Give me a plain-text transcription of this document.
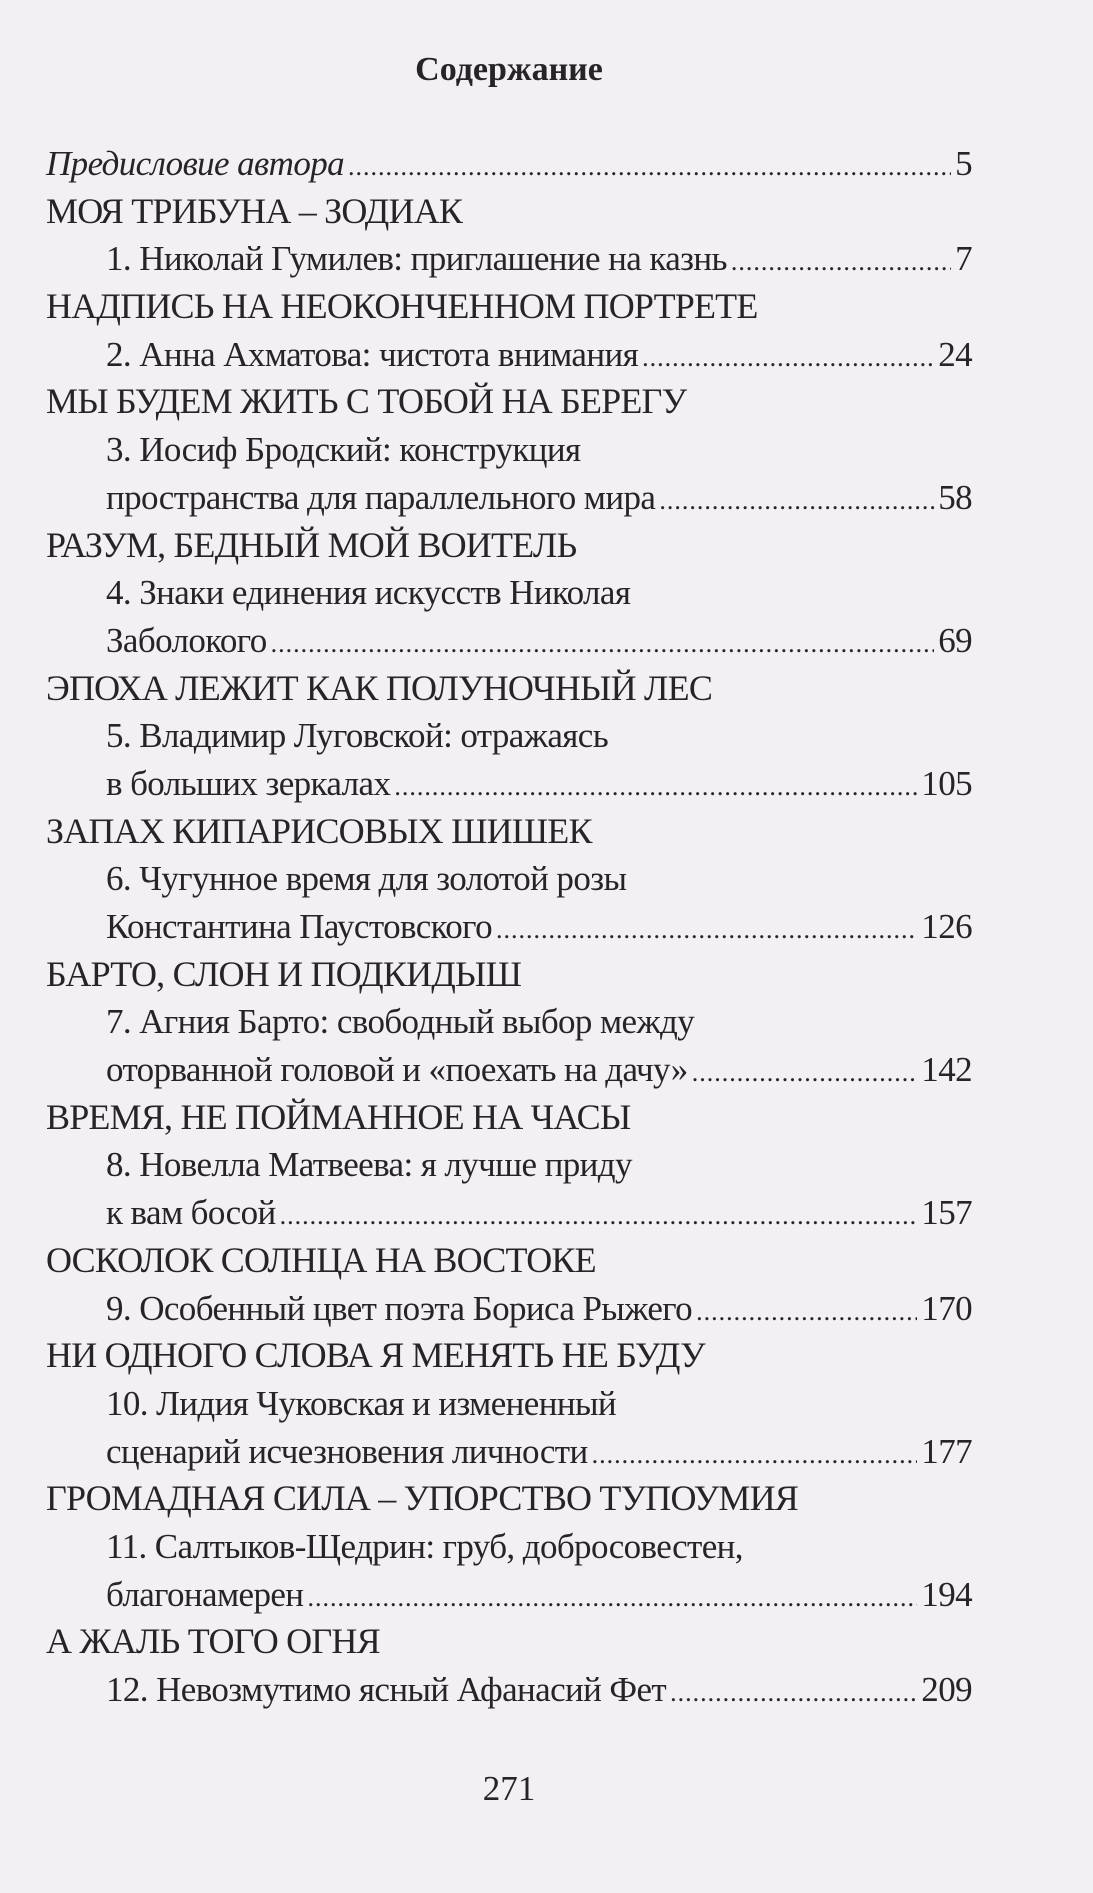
Содержание
Предисловие автора .....	5
МОЯ ТРИБУНА – ЗОДИАК
1. Николай Гумилев: приглашение на казнь .....	7
НАДПИСЬ НА НЕОКОНЧЕННОМ ПОРТРЕТЕ
2. Анна Ахматова: чистота внимания .....	24
МЫ БУДЕМ ЖИТЬ С ТОБОЙ НА БЕРЕГУ
3. Иосиф Бродский: конструкция
пространства для параллельного мира .....	58
РАЗУМ, БЕДНЫЙ МОЙ ВОИТЕЛЬ
4. Знаки единения искусств Николая
Заболокого .....	69
ЭПОХА ЛЕЖИТ КАК ПОЛУНОЧНЫЙ ЛЕС
5. Владимир Луговской: отражаясь
в больших зеркалах .....	105
ЗАПАХ КИПАРИСОВЫХ ШИШЕК
6. Чугунное время для золотой розы
Константина Паустовского .....	126
БАРТО, СЛОН И ПОДКИДЫШ
7. Агния Барто: свободный выбор между
оторванной головой и «поехать на дачу» .....	142
ВРЕМЯ, НЕ ПОЙМАННОЕ НА ЧАСЫ
8. Новелла Матвеева: я лучше приду
к вам босой .....	157
ОСКОЛОК СОЛНЦА НА ВОСТОКЕ
9. Особенный цвет поэта Бориса Рыжего .....	170
НИ ОДНОГО СЛОВА Я МЕНЯТЬ НЕ БУДУ
10. Лидия Чуковская и измененный
сценарий исчезновения личности .....	177
ГРОМАДНАЯ СИЛА – УПОРСТВО ТУПОУМИЯ
11. Салтыков-Щедрин: груб, добросовестен,
благонамерен .....	194
А ЖАЛЬ ТОГО ОГНЯ
12. Невозмутимо ясный Афанасий Фет .....	209
271
